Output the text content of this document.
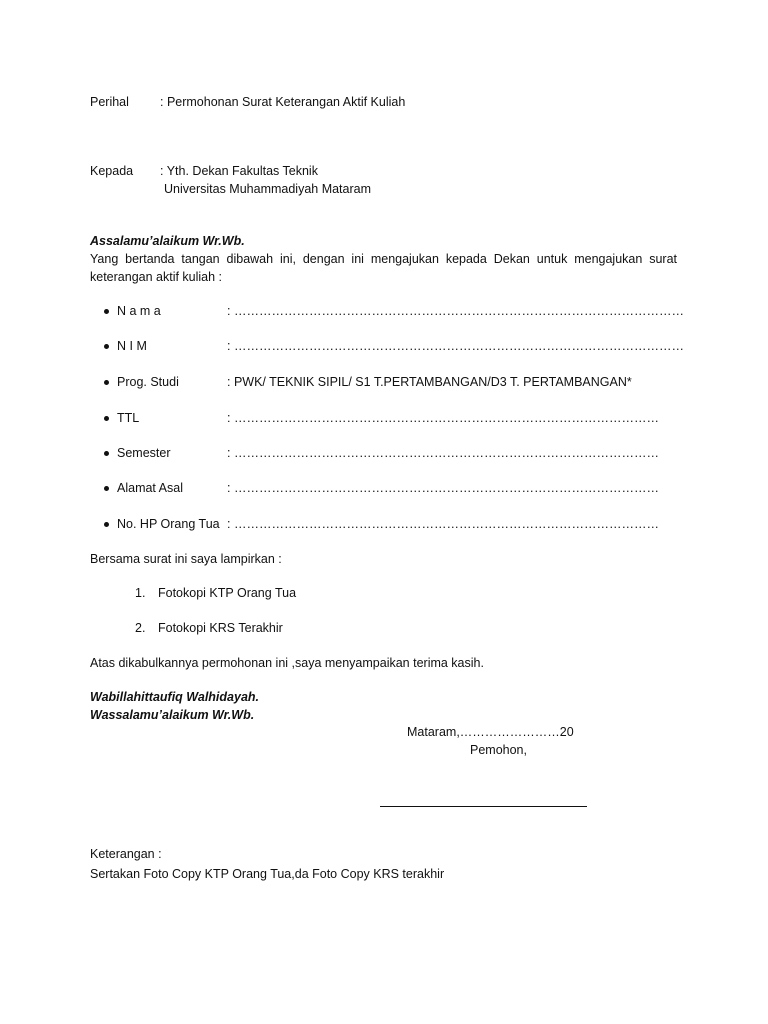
Perihal : Permohonan Surat Keterangan Aktif Kuliah
Kepada : Yth. Dekan Fakultas Teknik
Universitas Muhammadiyah Mataram
Assalamu’alaikum Wr.Wb.
Yang bertanda tangan dibawah ini, dengan ini mengajukan kepada Dekan untuk mengajukan surat keterangan aktif kuliah :
N a m a	: ………………………………………………………………………………………………
N I M	: ………………………………………………………………………………………………
Prog. Studi	: PWK/ TEKNIK SIPIL/ S1 T.PERTAMBANGAN/D3 T. PERTAMBANGAN*
TTL	: …………………………………………………………………………………………
Semester	: …………………………………………………………………………………………
Alamat Asal	: …………………………………………………………………………………………
No. HP Orang Tua : …………………………………………………………………………………………
Bersama surat ini saya lampirkan :
1. Fotokopi KTP Orang Tua
2. Fotokopi KRS Terakhir
Atas dikabulkannya permohonan ini ,saya menyampaikan terima kasih.
Wabillahittaufiq Walhidayah.
Wassalamu’alaikum Wr.Wb.
Mataram,……………………20
Pemohon,
Keterangan :
Sertakan Foto Copy KTP Orang Tua,da Foto Copy KRS terakhir
